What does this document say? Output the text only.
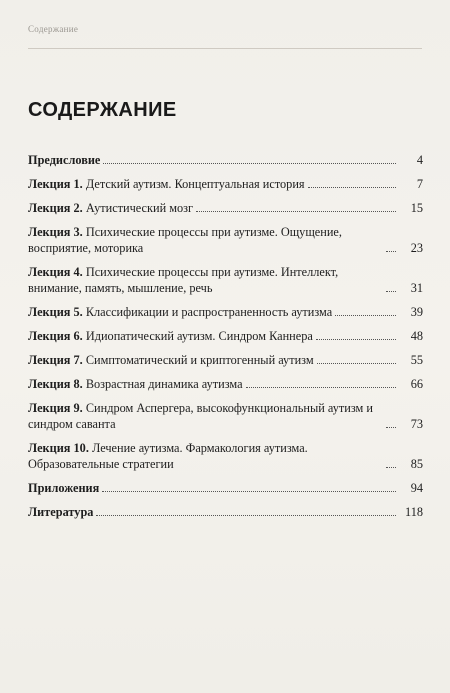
Содержание
СОДЕРЖАНИЕ
Предисловие	4
Лекция 1. Детский аутизм. Концептуальная история	7
Лекция 2. Аутистический мозг	15
Лекция 3. Психические процессы при аутизме. Ощущение, восприятие, моторика	23
Лекция 4. Психические процессы при аутизме. Интеллект, внимание, память, мышление, речь	31
Лекция 5. Классификации и распространенность аутизма	39
Лекция 6. Идиопатический аутизм. Синдром Каннера	48
Лекция 7. Симптоматический и криптогенный аутизм	55
Лекция 8. Возрастная динамика аутизма	66
Лекция 9. Синдром Аспергера, высокофункциональный аутизм и синдром саванта	73
Лекция 10. Лечение аутизма. Фармакология аутизма. Образовательные стратегии	85
Приложения	94
Литература	118
